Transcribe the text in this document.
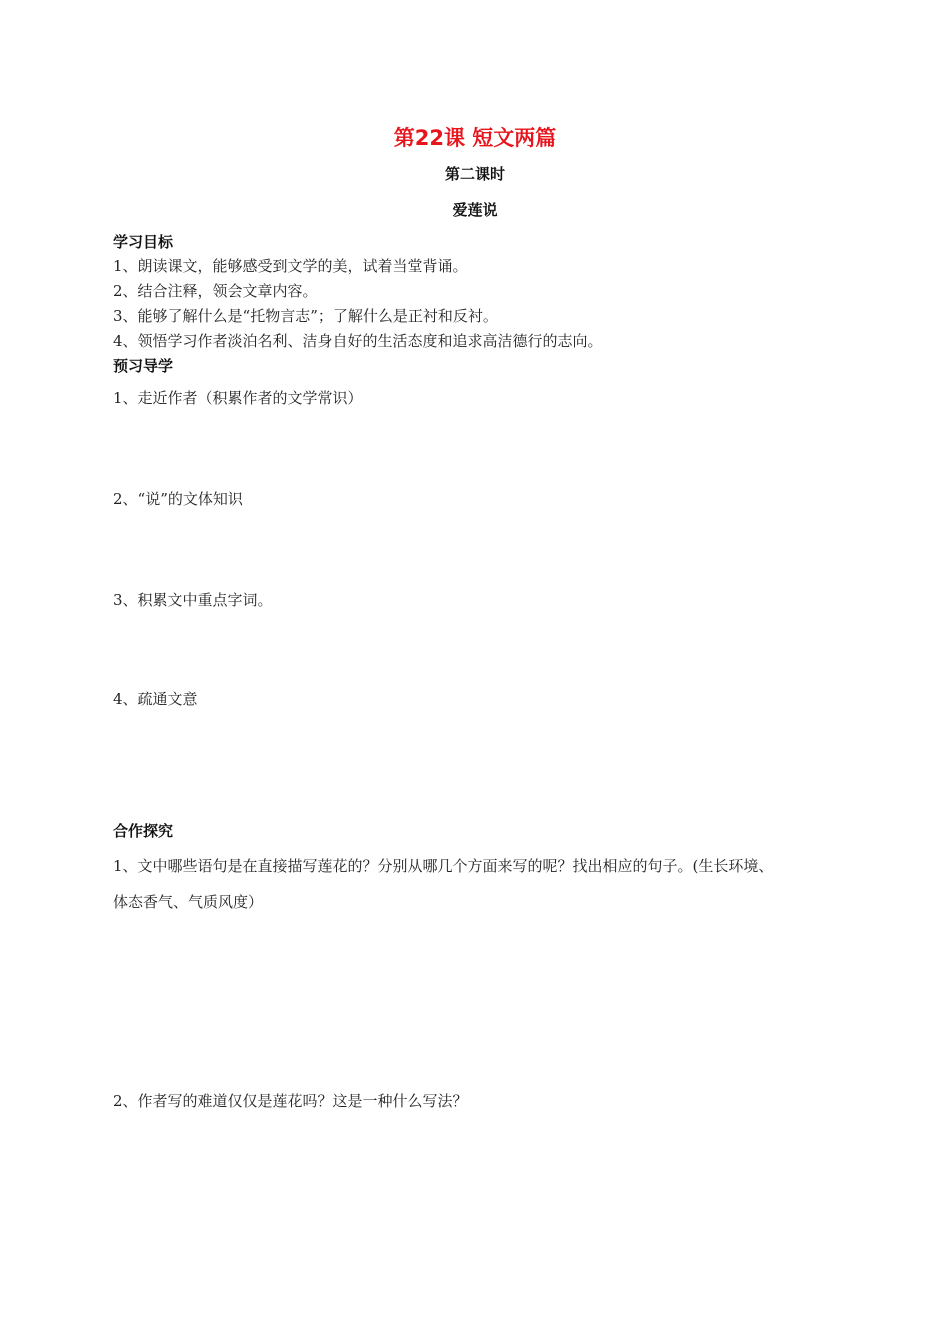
第22课 短文两篇
第二课时
爱莲说
学习目标
1、朗读课文，能够感受到文学的美，试着当堂背诵。
2、结合注释，领会文章内容。
3、能够了解什么是“托物言志”；了解什么是正衬和反衬。
4、领悟学习作者淡泊名利、洁身自好的生活态度和追求高洁德行的志向。
预习导学
1、走近作者（积累作者的文学常识）
2、“说”的文体知识
3、积累文中重点字词。
4、疏通文意
合作探究
1、文中哪些语句是在直接描写莲花的？分别从哪几个方面来写的呢？找出相应的句子。(生长环境、
体态香气、气质风度）
2、作者写的难道仅仅是莲花吗？这是一种什么写法？
